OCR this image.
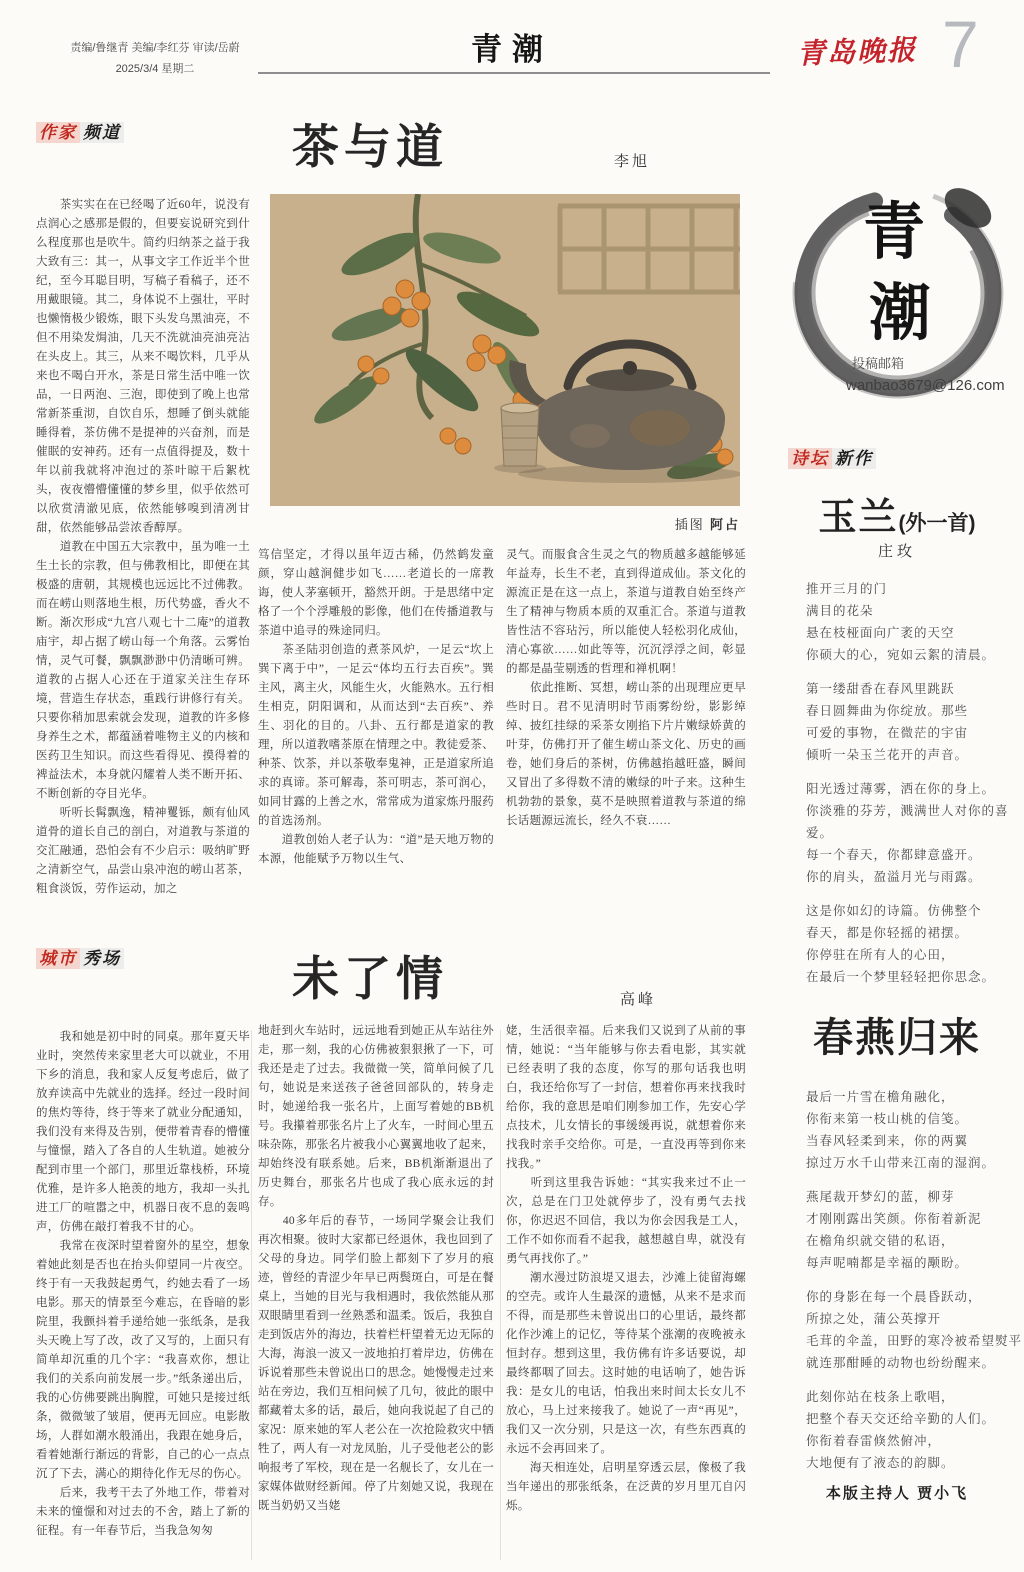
责编/鲁继青 美编/李红芬 审读/岳蔚
2025/3/4 星期二
青潮	青岛晚报 7
作家 频道	茶与道	李旭
插图 阿占

　　茶实实在在已经喝了近60年，说没有点润心之感那是假的，但要妄说研究到什么程度那也是吹牛。简约归纳茶之益于我大致有三：其一，从事文字工作近半个世纪，至今耳聪目明，写稿子看稿子，还不用戴眼镜。其二，身体说不上强壮，平时也懒惰极少锻炼，眼下头发乌黑油亮，不但不用染发焗油，几天不洗就油亮油亮沾在头皮上。其三，从来不喝饮料，几乎从来也不喝白开水，茶是日常生活中唯一饮品，一日两泡、三泡，即使到了晚上也常常新茶重沏，自饮自乐，想睡了倒头就能睡得着，茶仿佛不是提神的兴奋剂，而是催眠的安神药。还有一点值得提及，数十年以前我就将冲泡过的茶叶晾干后絮枕头，夜夜懵懵懂懂的梦乡里，似乎依然可以欣赏清澈见底，依然能够嗅到清冽甘甜，依然能够品尝浓香醇厚。

　　道教在中国五大宗教中，虽为唯一土生土长的宗教，但与佛教相比，即便在其极盛的唐朝，其规模也远远比不过佛教。而在崂山则落地生根，历代势盛，香火不断。渐次形成“九宫八观七十二庵”的道教庙宇，却占据了崂山每一个角落。云雾怡情，灵气可餐，飘飘渺渺中仍清晰可辨。道教的占据人心还在于道家关注生存环境，营造生存状态，重践行讲修行有关。只要你稍加思索就会发现，道教的许多修身养生之术，都蕴涵着唯物主义的内核和医药卫生知识。而这些看得见、摸得着的裨益法术，本身就闪耀着人类不断开拓、不断创新的夺目光华。

　　听听长髯飘逸，精神矍铄，颇有仙风道骨的道长自己的剖白，对道教与茶道的交汇融通，恐怕会有不少启示：吸纳旷野之清新空气，品尝山泉冲泡的崂山茗茶，粗食淡饭，劳作运动，加之

笃信坚定，才得以虽年迈古稀，仍然鹤发童颜，穿山越涧健步如飞……老道长的一席教诲，使人茅塞顿开，豁然开朗。于是思绪中定格了一个个浮雕般的影像，他们在传播道教与茶道中追寻的殊途同归。

　　茶圣陆羽创造的煮茶风炉，一足云“坎上巽下离于中”，一足云“体均五行去百疾”。巽主风，离主火，风能生火，火能熟水。五行相生相克，阴阳调和，从而达到“去百疾”、养生、羽化的目的。八卦、五行都是道家的教理，所以道教嗜茶原在情理之中。教徒爱茶、种茶、饮茶，并以茶敬奉鬼神，正是道家所追求的真谛。茶可解毒，茶可明志，茶可润心，如同甘露的上善之水，常常成为道家炼丹服药的首选汤剂。

　　道教创始人老子认为：“道”是天地万物的本源，他能赋予万物以生气、

灵气。而服食含生灵之气的物质越多越能够延年益寿，长生不老，直到得道成仙。茶文化的源流正是在这一点上，茶道与道教自始至终产生了精神与物质本质的双重汇合。茶道与道教皆性洁不容玷污，所以能使人轻松羽化成仙，清心寡欲……如此等等，沉沉浮浮之间，彰显的都是晶莹剔透的哲理和禅机啊！

　　依此推断、冥想，崂山茶的出现理应更早些时日。君不见清明时节雨雾纷纷，影影绰绰、披红挂绿的采茶女刚掐下片片嫩绿娇黄的叶芽，仿佛打开了催生崂山茶文化、历史的画卷，她们身后的茶树，仿佛越掐越旺盛，瞬间又冒出了多得数不清的嫩绿的叶子来。这种生机勃勃的景象，莫不是映照着道教与茶道的绵长话题源远流长，经久不衰……

城市 秀场	未了情	高峰

　　我和她是初中时的同桌。那年夏天毕业时，突然传来家里老大可以就业，不用下乡的消息，我和家人反复考虑后，做了放弃读高中先就业的选择。经过一段时间的焦灼等待，终于等来了就业分配通知，我们没有来得及告别，便带着青春的懵懂与憧憬，踏入了各自的人生轨道。她被分配到市里一个部门，那里近靠栈桥，环境优雅，是许多人艳羡的地方，我却一头扎进工厂的喧嚣之中，机器日夜不息的轰鸣声，仿佛在敲打着我不甘的心。

　　我常在夜深时望着窗外的星空，想象着她此刻是否也在抬头仰望同一片夜空。终于有一天我鼓起勇气，约她去看了一场电影。那天的情景至今难忘，在昏暗的影院里，我颤抖着手递给她一张纸条，是我头天晚上写了改，改了又写的，上面只有简单却沉重的几个字：“我喜欢你，想让我们的关系向前发展一步。”纸条递出后，我的心仿佛要跳出胸膛，可她只是接过纸条，微微皱了皱眉，便再无回应。电影散场，人群如潮水般涌出，我跟在她身后，看着她渐行渐远的背影，自己的心一点点沉了下去，满心的期待化作无尽的伤心。

　　后来，我考干去了外地工作，带着对未来的憧憬和对过去的不舍，踏上了新的征程。有一年春节后，当我急匆匆

地赶到火车站时，远远地看到她正从车站往外走，那一刻，我的心仿佛被狠狠揪了一下，可我还是走了过去。我微微一笑，简单问候了几句，她说是来送孩子爸爸回部队的，转身走时，她递给我一张名片，上面写着她的BB机号。我攥着那张名片上了火车，一时间心里五味杂陈，那张名片被我小心翼翼地收了起来，却始终没有联系她。后来，BB机渐渐退出了历史舞台，那张名片也成了我心底永远的封存。

　　40多年后的春节，一场同学聚会让我们再次相聚。彼时大家都已经退休，我也回到了父母的身边。同学们脸上都刻下了岁月的痕迹，曾经的青涩少年早已两鬓斑白，可是在餐桌上，当她的目光与我相遇时，我依然能从那双眼睛里看到一丝熟悉和温柔。饭后，我独自走到饭店外的海边，扶着栏杆望着无边无际的大海，海浪一波又一波地拍打着岸边，仿佛在诉说着那些未曾说出口的思念。她慢慢走过来站在旁边，我们互相问候了几句，彼此的眼中都藏着太多的话，最后，她向我说起了自己的家况：原来她的军人老公在一次抢险救灾中牺牲了，两人有一对龙凤胎，儿子受他老公的影响报考了军校，现在是一名舰长了，女儿在一家媒体做财经新闻。停了片刻她又说，我现在既当奶奶又当姥

姥，生活很幸福。后来我们又说到了从前的事情，她说：“当年能够与你去看电影，其实就已经表明了我的态度，你写的那句话我也明白，我还给你写了一封信，想着你再来找我时给你，我的意思是咱们刚参加工作，先安心学点技术，儿女情长的事缓缓再说，就想着你来找我时亲手交给你。可是，一直没再等到你来找我。”

　　听到这里我告诉她：“其实我来过不止一次，总是在门卫处就停步了，没有勇气去找你，你迟迟不回信，我以为你会因我是工人，工作不如你而看不起我，越想越自卑，就没有勇气再找你了。”

　　潮水漫过防浪堤又退去，沙滩上徒留海螺的空壳。或许人生最深的遗憾，从来不是求而不得，而是那些未曾说出口的心里话，最终都化作沙滩上的记忆，等待某个涨潮的夜晚被永恒封存。想到这里，我仿佛有许多话要说，却最终都咽了回去。这时她的电话响了，她告诉我：是女儿的电话，怕我出来时间太长女儿不放心，马上过来接我了。她说了一声“再见”，我们又一次分别，只是这一次，有些东西真的永远不会再回来了。

　　海天相连处，启明星穿透云层，像极了我当年递出的那张纸条，在泛黄的岁月里兀自闪烁。

青
潮
投稿邮箱
wanbao3679@126.com
诗坛 新作
玉兰(外一首)
庄玫

推开三月的门

满目的花朵

悬在枝桠面向广袤的天空

你硕大的心，宛如云絮的清晨。

第一缕甜香在春风里跳跃

春日圆舞曲为你绽放。那些

可爱的事物，在微茫的宇宙

倾听一朵玉兰花开的声音。

阳光透过薄雾，洒在你的身上。

你淡雅的芬芳，溅满世人对你的喜爱。

每一个春天，你都肆意盛开。

你的肩头，盈溢月光与雨露。

这是你如幻的诗篇。仿佛整个

春天，都是你轻摇的裙摆。

你停驻在所有人的心田，

在最后一个梦里轻轻把你思念。

春燕归来

最后一片雪在檐角融化，

你衔来第一枝山桃的信笺。

当春风轻柔到来，你的两翼

掠过万水千山带来江南的湿润。

燕尾裁开梦幻的蓝，柳芽

才刚刚露出笑颜。你衔着新泥

在檐角织就交错的私语，

每声呢喃都是幸福的颙盼。

你的身影在每一个晨昏跃动，

所掠之处，蒲公英撑开

毛茸的伞盖，田野的寒冷被希望熨平

就连那酣睡的动物也纷纷醒来。

此刻你站在枝条上歌唱，

把整个春天交还给辛勤的人们。

你衔着春雷倏然俯冲，

大地便有了液态的韵脚。

本版主持人 贾小飞
